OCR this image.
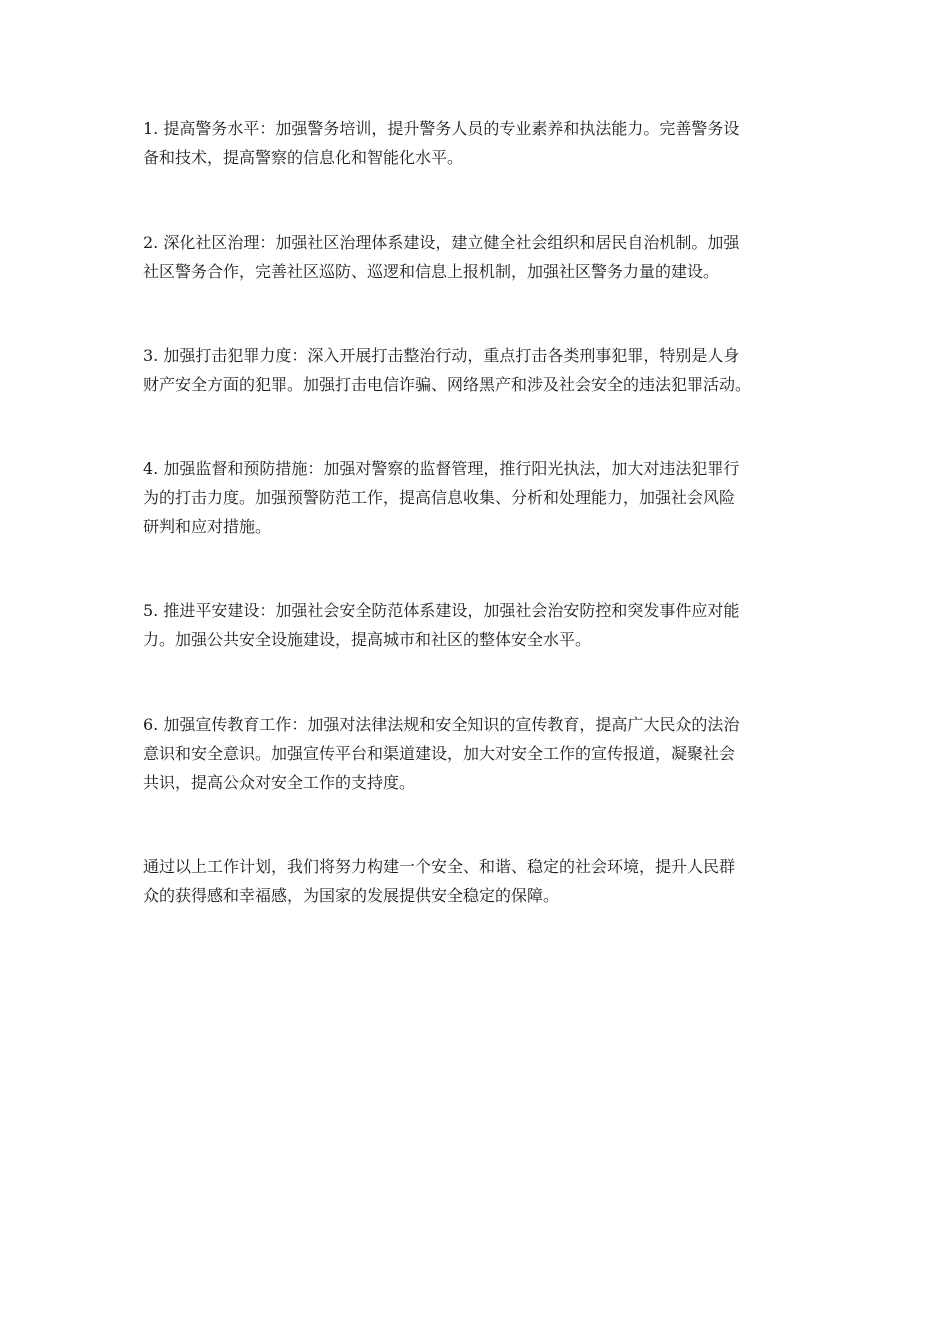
1. 提高警务水平：加强警务培训，提升警务人员的专业素养和执法能力。完善警务设
备和技术，提高警察的信息化和智能化水平。

2. 深化社区治理：加强社区治理体系建设，建立健全社会组织和居民自治机制。加强
社区警务合作，完善社区巡防、巡逻和信息上报机制，加强社区警务力量的建设。

3. 加强打击犯罪力度：深入开展打击整治行动，重点打击各类刑事犯罪，特别是人身
财产安全方面的犯罪。加强打击电信诈骗、网络黑产和涉及社会安全的违法犯罪活动。

4. 加强监督和预防措施：加强对警察的监督管理，推行阳光执法，加大对违法犯罪行
为的打击力度。加强预警防范工作，提高信息收集、分析和处理能力，加强社会风险
研判和应对措施。

5. 推进平安建设：加强社会安全防范体系建设，加强社会治安防控和突发事件应对能
力。加强公共安全设施建设，提高城市和社区的整体安全水平。

6. 加强宣传教育工作：加强对法律法规和安全知识的宣传教育，提高广大民众的法治
意识和安全意识。加强宣传平台和渠道建设，加大对安全工作的宣传报道，凝聚社会
共识，提高公众对安全工作的支持度。

通过以上工作计划，我们将努力构建一个安全、和谐、稳定的社会环境，提升人民群
众的获得感和幸福感，为国家的发展提供安全稳定的保障。
